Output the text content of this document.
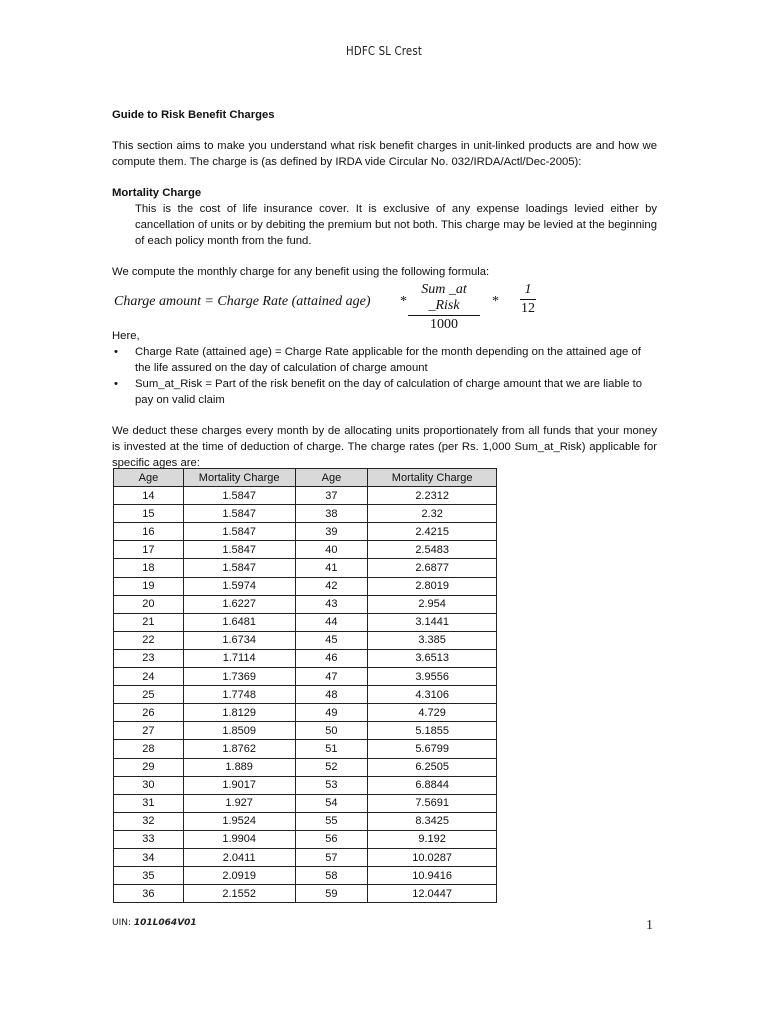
HDFC SL Crest

Guide to Risk Benefit Charges

This section aims to make you understand what risk benefit charges in unit-linked products are and how we compute them. The charge is (as defined by IRDA vide Circular No. 032/IRDA/Actl/Dec-2005):

Mortality Charge

This is the cost of life insurance cover. It is exclusive of any expense loadings levied either by cancellation of units or by debiting the premium but not both. This charge may be levied at the beginning of each policy month from the fund.

We compute the monthly charge for any benefit using the following formula:

Charge amount = Charge Rate (attained age) *
Sum _at _Risk
1000
* $\frac{1}{12}$

Here,

• Charge Rate (attained age) = Charge Rate applicable for the month depending on the attained age of the life assured on the day of calculation of charge amount
• Sum_at_Risk = Part of the risk benefit on the day of calculation of charge amount that we are liable to pay on valid claim

We deduct these charges every month by de allocating units proportionately from all funds that your money is invested at the time of deduction of charge. The charge rates (per Rs. 1,000 Sum_at_Risk) applicable for specific ages are:

Age	Mortality Charge	Age	Mortality Charge
14	1.5847	37	2.2312
15	1.5847	38	2.32
16	1.5847	39	2.4215
17	1.5847	40	2.5483
18	1.5847	41	2.6877
19	1.5974	42	2.8019
20	1.6227	43	2.954
21	1.6481	44	3.1441
22	1.6734	45	3.385
23	1.7114	46	3.6513
24	1.7369	47	3.9556
25	1.7748	48	4.3106
26	1.8129	49	4.729
27	1.8509	50	5.1855
28	1.8762	51	5.6799
29	1.889	52	6.2505
30	1.9017	53	6.8844
31	1.927	54	7.5691
32	1.9524	55	8.3425
33	1.9904	56	9.192
34	2.0411	57	10.0287
35	2.0919	58	10.9416
36	2.1552	59	12.0447
UIN: 101L064V01	1
